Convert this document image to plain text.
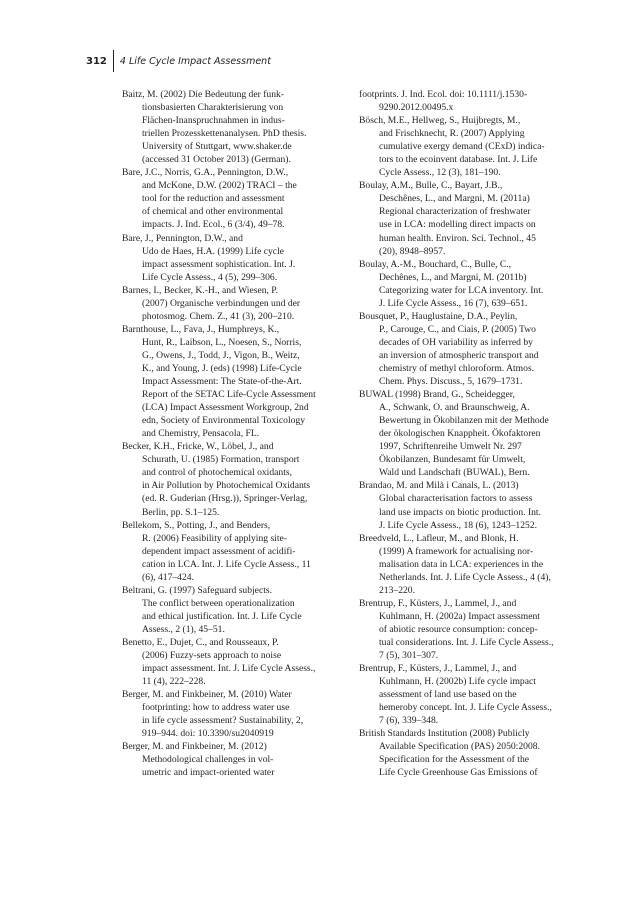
312	4 Life Cycle Impact Assessment

Baitz, M. (2002) Die Bedeutung der funk-
tionsbasierten Charakterisierung von
Flächen-Inanspruchnahmen in indus-
triellen Prozesskettenanalysen. PhD thesis.
University of Stuttgart, www.shaker.de
(accessed 31 October 2013) (German).

Bare, J.C., Norris, G.A., Pennington, D.W.,
and McKone, D.W. (2002) TRACI – the
tool for the reduction and assessment
of chemical and other environmental
impacts. J. Ind. Ecol., 6 (3/4), 49–78.

Bare, J., Pennington, D.W., and
Udo de Haes, H.A. (1999) Life cycle
impact assessment sophistication. Int. J.
Life Cycle Assess., 4 (5), 299–306.

Barnes, I., Becker, K.-H., and Wiesen, P.
(2007) Organische verbindungen und der
photosmog. Chem. Z., 41 (3), 200–210.

Barnthouse, L., Fava, J., Humphreys, K.,
Hunt, R., Laibson, L., Noesen, S., Norris,
G., Owens, J., Todd, J., Vigon, B., Weitz,
K., and Young, J. (eds) (1998) Life-Cycle
Impact Assessment: The State-of-the-Art.
Report of the SETAC Life-Cycle Assessment
(LCA) Impact Assessment Workgroup, 2nd
edn, Society of Environmental Toxicology
and Chemistry, Pensacola, FL.

Becker, K.H., Fricke, W., Löbel, J., and
Schurath, U. (1985) Formation, transport
and control of photochemical oxidants,
in Air Pollution by Photochemical Oxidants
(ed. R. Guderian (Hrsg.)), Springer-Verlag,
Berlin, pp. S.1–125.

Bellekom, S., Potting, J., and Benders,
R. (2006) Feasibility of applying site-
dependent impact assessment of acidifi-
cation in LCA. Int. J. Life Cycle Assess., 11
(6), 417–424.

Beltrani, G. (1997) Safeguard subjects.
The conflict between operationalization
and ethical justification. Int. J. Life Cycle
Assess., 2 (1), 45–51.

Benetto, E., Dujet, C., and Rousseaux, P.
(2006) Fuzzy-sets approach to noise
impact assessment. Int. J. Life Cycle Assess.,
11 (4), 222–228.

Berger, M. and Finkbeiner, M. (2010) Water
footprinting: how to address water use
in life cycle assessment? Sustainability, 2,
919–944. doi: 10.3390/su2040919

Berger, M. and Finkbeiner, M. (2012)
Methodological challenges in vol-
umetric and impact-oriented water

footprints. J. Ind. Ecol. doi: 10.1111/j.1530-
9290.2012.00495.x

Bösch, M.E., Hellweg, S., Huijbregts, M.,
and Frischknecht, R. (2007) Applying
cumulative exergy demand (CExD) indica-
tors to the ecoinvent database. Int. J. Life
Cycle Assess., 12 (3), 181–190.

Boulay, A.M., Bulle, C., Bayart, J.B.,
Deschênes, L., and Margni, M. (2011a)
Regional characterization of freshwater
use in LCA: modelling direct impacts on
human health. Environ. Sci. Technol., 45
(20), 8948–8957.

Boulay, A.-M., Bouchard, C., Bulle, C.,
Dechênes, L., and Margni, M. (2011b)
Categorizing water for LCA inventory. Int.
J. Life Cycle Assess., 16 (7), 639–651.

Bousquet, P., Hauglustaine, D.A., Peylin,
P., Carouge, C., and Ciais, P. (2005) Two
decades of OH variability as inferred by
an inversion of atmospheric transport and
chemistry of methyl chloroform. Atmos.
Chem. Phys. Discuss., 5, 1679–1731.

BUWAL (1998) Brand, G., Scheidegger,
A., Schwank, O. and Braunschweig, A.
Bewertung in Ökobilanzen mit der Methode
der ökologischen Knappheit. Ökofaktoren
1997, Schriftenreihe Umwelt Nr. 297
Ökobilanzen, Bundesamt für Umwelt,
Wald und Landschaft (BUWAL), Bern.

Brandao, M. and Milà i Canals, L. (2013)
Global characterisation factors to assess
land use impacts on biotic production. Int.
J. Life Cycle Assess., 18 (6), 1243–1252.

Breedveld, L., Lafleur, M., and Blonk, H.
(1999) A framework for actualising nor-
malisation data in LCA: experiences in the
Netherlands. Int. J. Life Cycle Assess., 4 (4),
213–220.

Brentrup, F., Küsters, J., Lammel, J., and
Kuhlmann, H. (2002a) Impact assessment
of abiotic resource consumption: concep-
tual considerations. Int. J. Life Cycle Assess.,
7 (5), 301–307.

Brentrup, F., Küsters, J., Lammel, J., and
Kuhlmann, H. (2002b) Life cycle impact
assessment of land use based on the
hemeroby concept. Int. J. Life Cycle Assess.,
7 (6), 339–348.

British Standards Institution (2008) Publicly
Available Specification (PAS) 2050:2008.
Specification for the Assessment of the
Life Cycle Greenhouse Gas Emissions of
